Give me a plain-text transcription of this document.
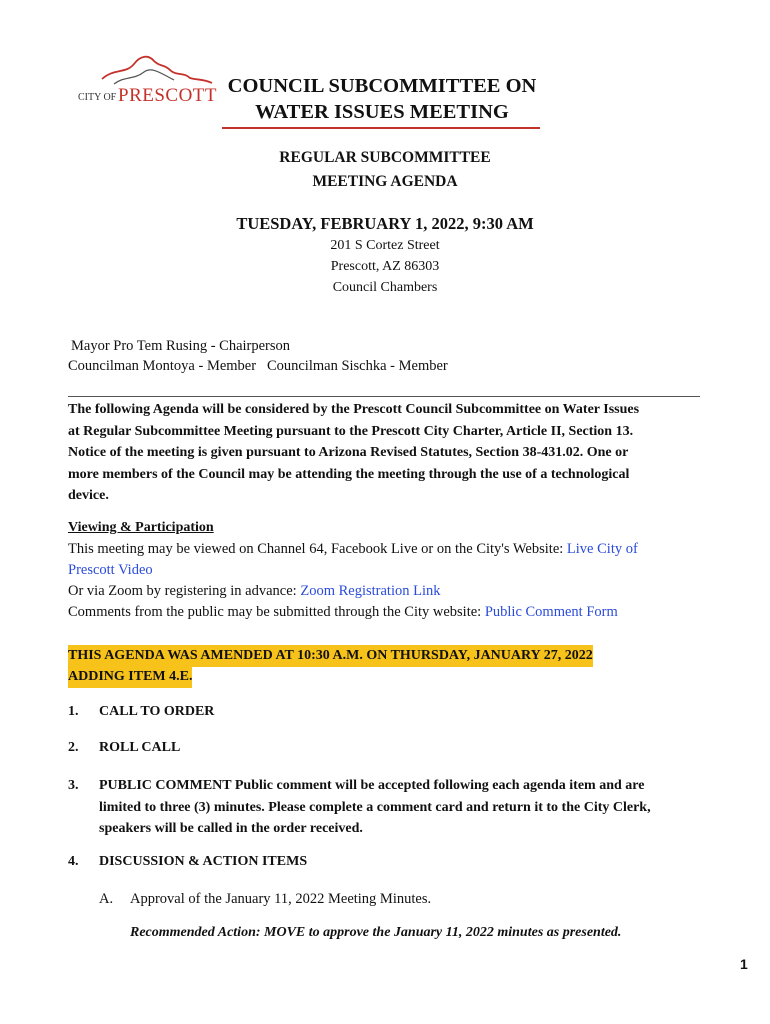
CITY OF PRESCOTT COUNCIL SUBCOMMITTEE ON
WATER ISSUES MEETING
REGULAR SUBCOMMITTEE
MEETING AGENDA
TUESDAY, FEBRUARY 1, 2022, 9:30 AM
201 S Cortez Street
Prescott, AZ 86303
Council Chambers
Mayor Pro Tem Rusing - Chairperson
Councilman Montoya - Member Councilman Sischka - Member
The following Agenda will be considered by the Prescott Council Subcommittee on Water Issues
at Regular Subcommittee Meeting pursuant to the Prescott City Charter, Article II, Section 13.
Notice of the meeting is given pursuant to Arizona Revised Statutes, Section 38-431.02. One or
more members of the Council may be attending the meeting through the use of a technological
device.
Viewing & Participation
This meeting may be viewed on Channel 64, Facebook Live or on the City's Website: Live City of
Prescott Video
Or via Zoom by registering in advance: Zoom Registration Link
Comments from the public may be submitted through the City website: Public Comment Form
THIS AGENDA WAS AMENDED AT 10:30 A.M. ON THURSDAY, JANUARY 27, 2022
ADDING ITEM 4.E.
1. CALL TO ORDER
2. ROLL CALL
3. PUBLIC COMMENT Public comment will be accepted following each agenda item and are
limited to three (3) minutes. Please complete a comment card and return it to the City Clerk,
speakers will be called in the order received.
4. DISCUSSION & ACTION ITEMS
A. Approval of the January 11, 2022 Meeting Minutes.
Recommended Action: MOVE to approve the January 11, 2022 minutes as presented.
1
